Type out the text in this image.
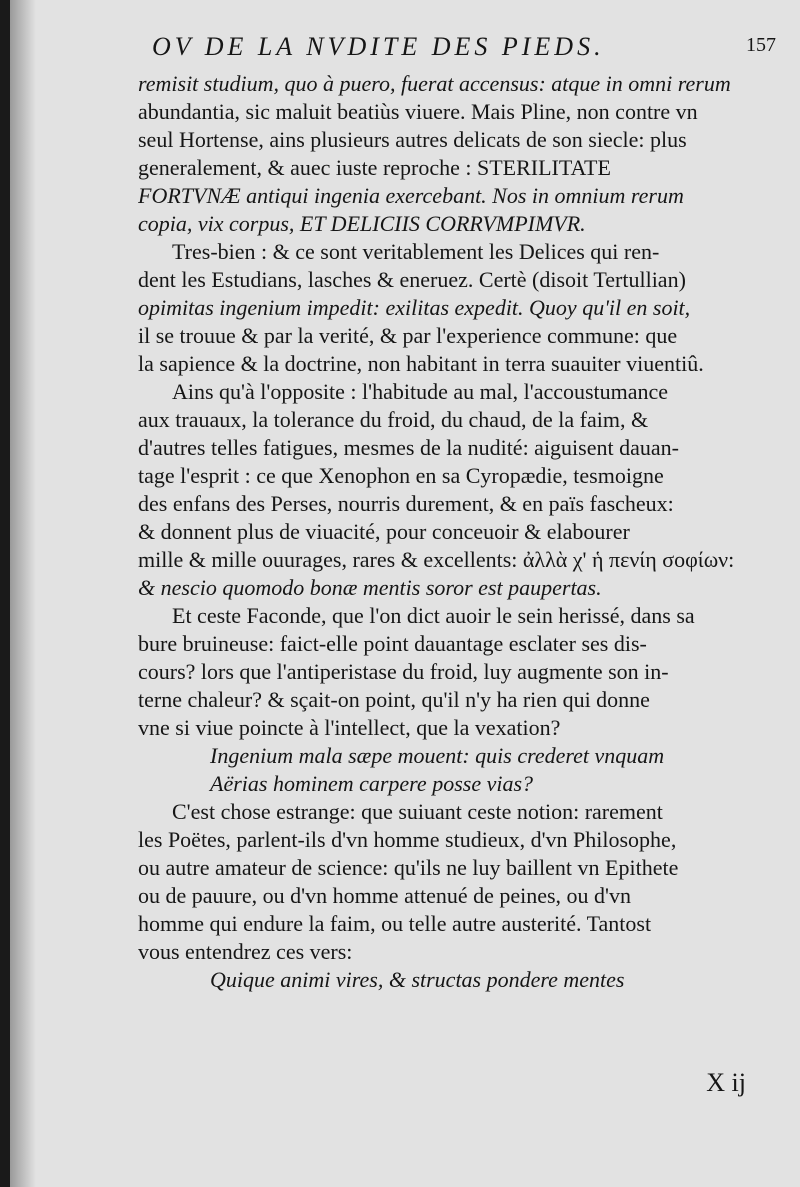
OV DE LA NVDITE DES PIEDS.	157
remisit studium, quo à puero, fuerat accensus: atque in omni rerum
abundantia, sic maluit beatiùs viuere. Mais Pline, non contre vn
seul Hortense, ains plusieurs autres delicats de son siecle: plus
generalement, & auec iuste reproche : STERILITATE
FORTVNÆ antiqui ingenia exercebant. Nos in omnium rerum
copia, vix corpus, ET DELICIIS CORRVMPIMVR.
Tres-bien : & ce sont veritablement les Delices qui ren-
dent les Estudians, lasches & eneruez. Certè (disoit Tertullian)
opimitas ingenium impedit: exilitas expedit. Quoy qu'il en soit,
il se trouue & par la verité, & par l'experience commune: que
la sapience & la doctrine, non habitant in terra suauiter viuentiû.
Ains qu'à l'opposite : l'habitude au mal, l'accoustumance
aux trauaux, la tolerance du froid, du chaud, de la faim, &
d'autres telles fatigues, mesmes de la nudité: aiguisent dauan-
tage l'esprit : ce que Xenophon en sa Cyropædie, tesmoigne
des enfans des Perses, nourris durement, & en païs fascheux:
& donnent plus de viuacité, pour conceuoir & elabourer
mille & mille ouurages, rares & excellents: ἀλλὰ χ' ἡ πενίη σοφίων:
& nescio quomodo bonæ mentis soror est paupertas.
Et ceste Faconde, que l'on dict auoir le sein herissé, dans sa
bure bruineuse: faict-elle point dauantage esclater ses dis-
cours? lors que l'antiperistase du froid, luy augmente son in-
terne chaleur? & sçait-on point, qu'il n'y ha rien qui donne
vne si viue poincte à l'intellect, que la vexation?
Ingenium mala sæpe mouent: quis crederet vnquam
Aërias hominem carpere posse vias?
C'est chose estrange: que suiuant ceste notion: rarement
les Poëtes, parlent-ils d'vn homme studieux, d'vn Philosophe,
ou autre amateur de science: qu'ils ne luy baillent vn Epithete
ou de pauure, ou d'vn homme attenué de peines, ou d'vn
homme qui endure la faim, ou telle autre austerité. Tantost
vous entendrez ces vers:
Quique animi vires, & structas pondere mentes
X ij
